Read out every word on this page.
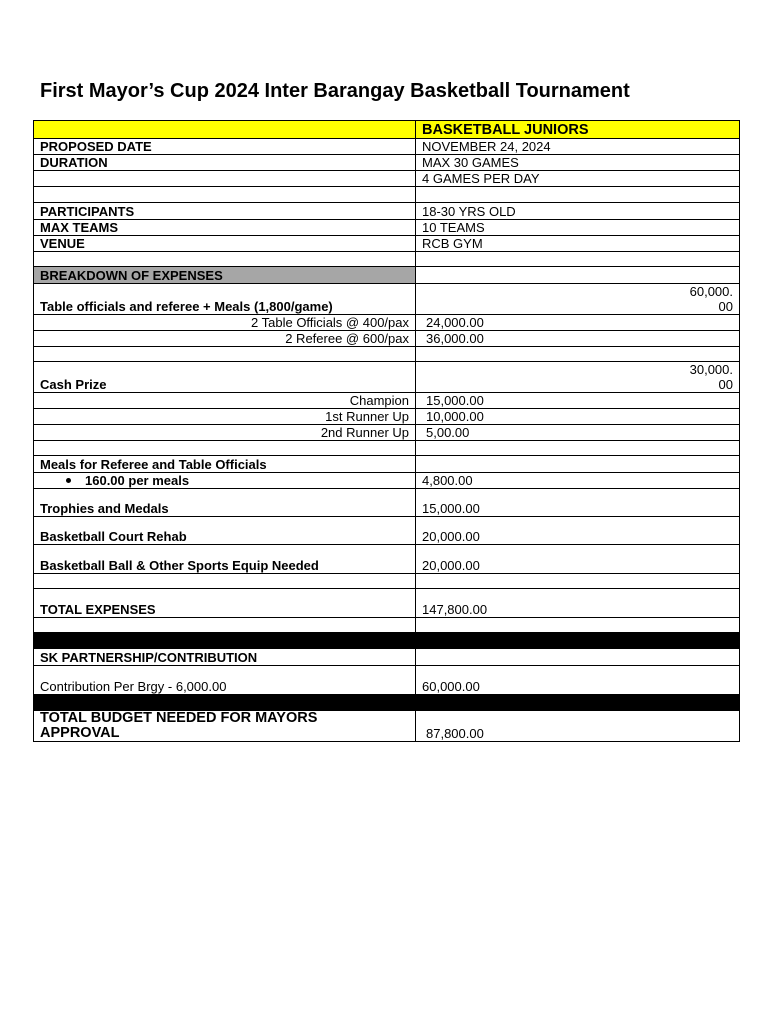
First Mayor’s Cup 2024 Inter Barangay Basketball Tournament
	BASKETBALL JUNIORS
PROPOSED DATE	NOVEMBER 24, 2024
DURATION	MAX 30 GAMES
	4 GAMES PER DAY

PARTICIPANTS	18-30 YRS OLD
MAX TEAMS	10 TEAMS
VENUE	RCB GYM

BREAKDOWN OF EXPENSES	
Table officials and referee + Meals (1,800/game)	60,000.
00
2 Table Officials @ 400/pax	24,000.00
2 Referee @ 600/pax	36,000.00

Cash Prize	30,000.
00
Champion	15,000.00
1st Runner Up	10,000.00
2nd Runner Up	5,00.00

Meals for Referee and Table Officials	
160.00 per meals	4,800.00
Trophies and Medals	15,000.00
Basketball Court Rehab	20,000.00
Basketball Ball & Other Sports Equip Needed	20,000.00

TOTAL EXPENSES	147,800.00

SK PARTNERSHIP/CONTRIBUTION	
Contribution Per Brgy - 6,000.00	60,000.00

TOTAL BUDGET NEEDED FOR MAYORS
APPROVAL	87,800.00
